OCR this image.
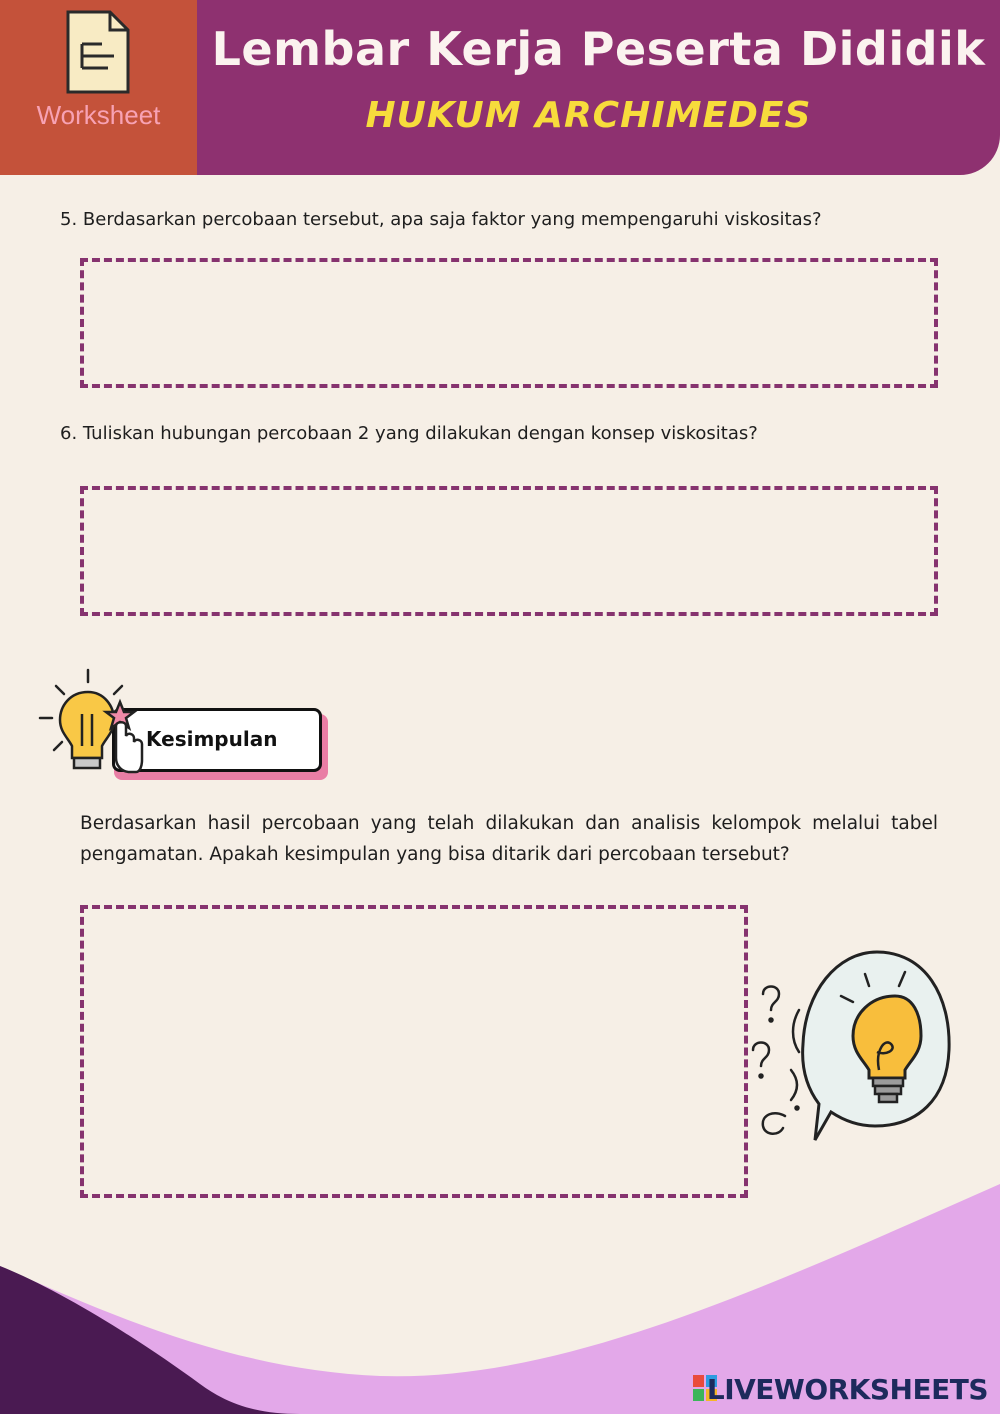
Worksheet
Lembar Kerja Peserta Dididik
HUKUM ARCHIMEDES
5. Berdasarkan percobaan tersebut, apa saja faktor yang mempengaruhi viskositas?
6. Tuliskan hubungan percobaan 2 yang dilakukan dengan konsep viskositas?
Kesimpulan
Berdasarkan hasil percobaan yang telah dilakukan dan analisis kelompok melalui tabel pengamatan. Apakah kesimpulan yang bisa ditarik dari percobaan tersebut?
LIVEWORKSHEETS
